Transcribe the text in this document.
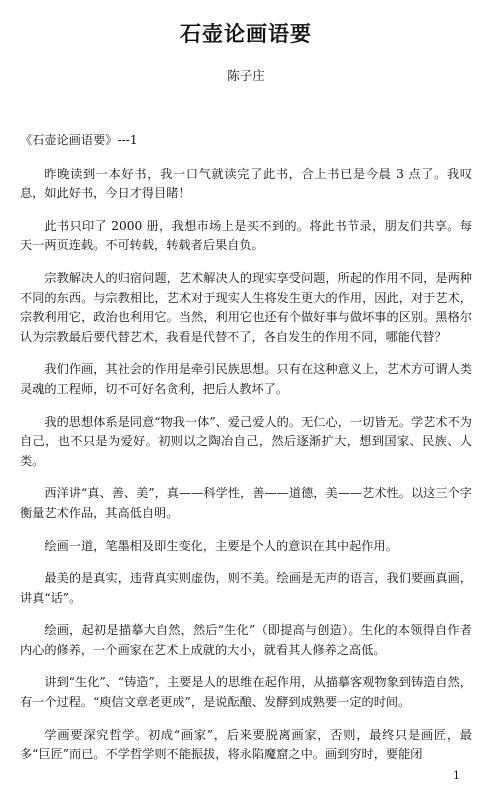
石壶论画语要
陈子庄

《石壶论画语要》---1

昨晚读到一本好书，我一口气就读完了此书，合上书已是今晨 3 点了。我叹息，如此好书，今日才得目睹！

此书只印了 2000 册，我想市场上是买不到的。将此书节录，朋友们共享。每天一两页连载。不可转载，转载者后果自负。

宗教解决人的归宿问题，艺术解决人的现实享受问题，所起的作用不同，是两种不同的东西。与宗教相比，艺术对于现实人生将发生更大的作用，因此，对于艺术，宗教利用它，政治也利用它。当然，利用它也还有个做好事与做坏事的区别。黑格尔认为宗教最后要代替艺术，我看是代替不了，各自发生的作用不同，哪能代替？

我们作画，其社会的作用是牵引民族思想。只有在这种意义上，艺术方可谓人类灵魂的工程师，切不可好名贪利，把后人教坏了。

我的思想体系是同意“物我一体”、爱己爱人的。无仁心，一切皆无。学艺术不为自己，也不只是为爱好。初则以之陶冶自己，然后逐渐扩大，想到国家、民族、人类。

西洋讲“真、善、美”，真——科学性，善——道德，美——艺术性。以这三个字衡量艺术作品，其高低自明。

绘画一道，笔墨相及即生变化，主要是个人的意识在其中起作用。

最美的是真实，违背真实则虚伪，则不美。绘画是无声的语言，我们要画真画，讲真“话”。

绘画，起初是描摹大自然，然后“生化”（即提高与创造）。生化的本领得自作者内心的修养，一个画家在艺术上成就的大小，就看其人修养之高低。

讲到“生化”、“铸造”，主要是人的思维在起作用，从描摹客观物象到铸造自然，有一个过程。“庾信文章老更成”，是说酝酿、发酵到成熟要一定的时间。

学画要深究哲学。初成“画家”，后来要脱离画家，否则，最终只是画匠，最多“巨匠”而已。不学哲学则不能振拔，将永陷魔窟之中。画到穷时，要能闭

1
